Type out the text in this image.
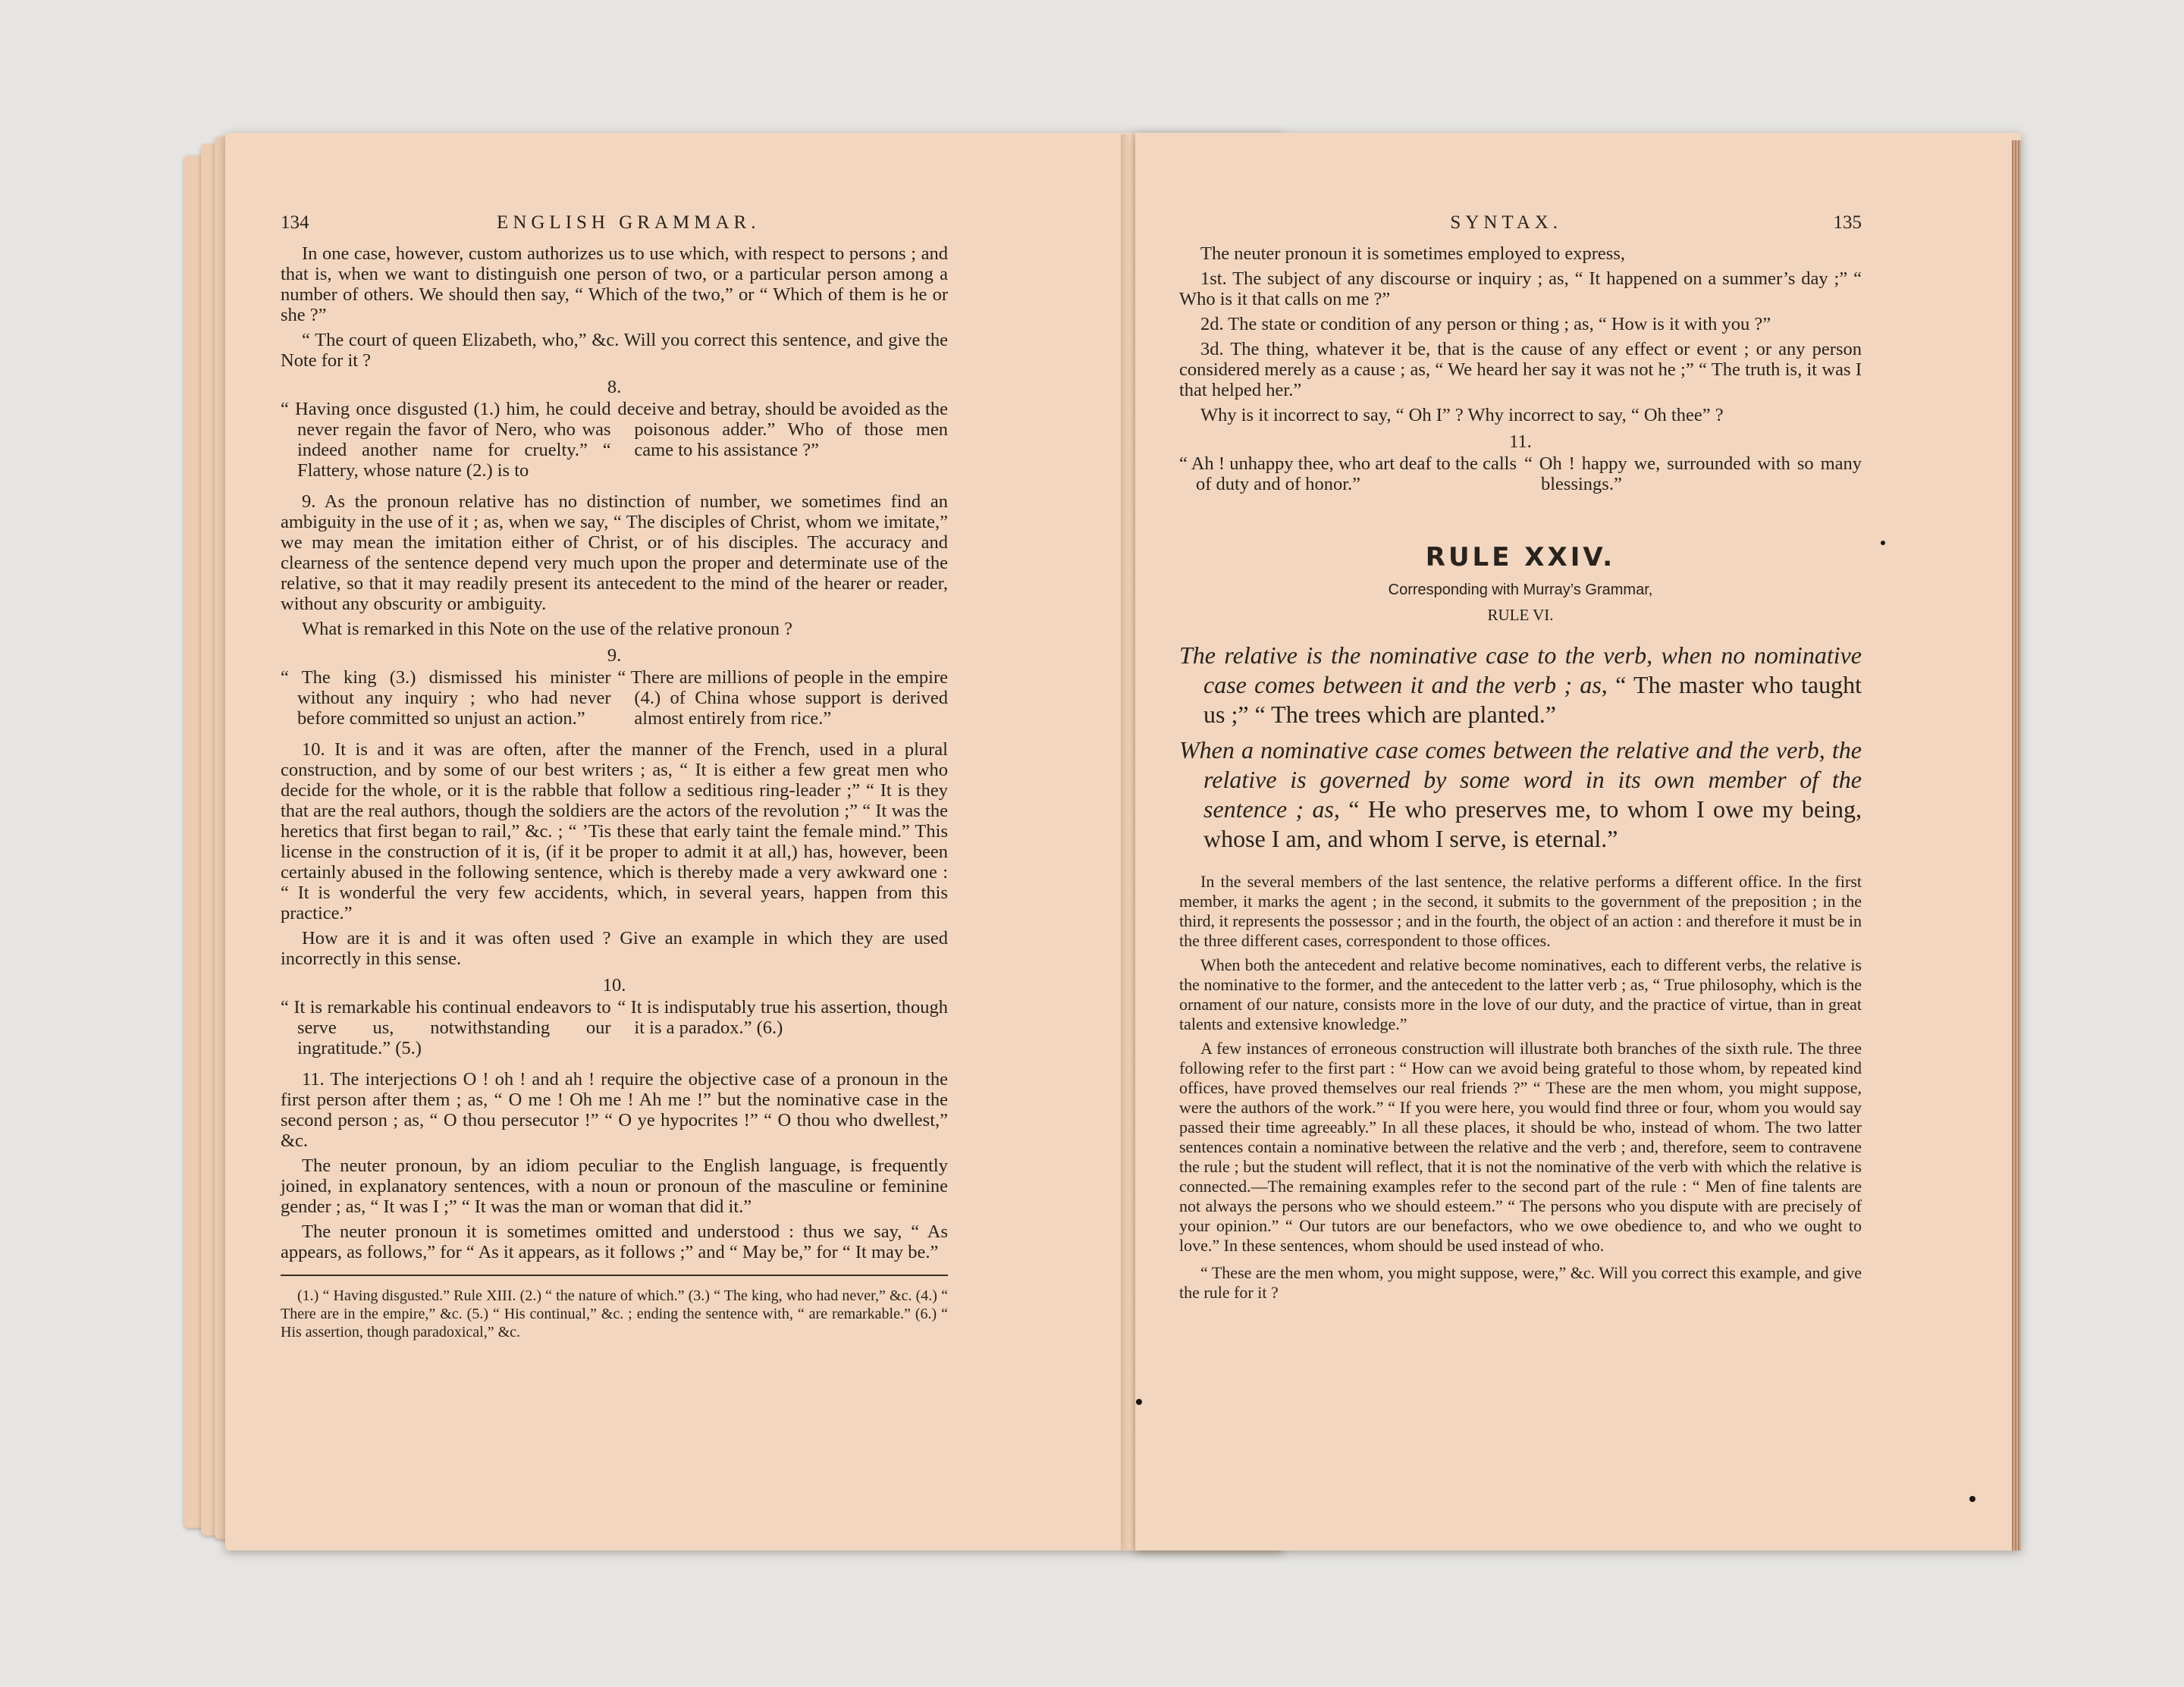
134	ENGLISH GRAMMAR.

In one case, however, custom authorizes us to use which, with respect to persons ; and that is, when we want to distinguish one person of two, or a particular person among a number of others. We should then say, “ Which of the two,” or “ Which of them is he or she ?”

“ The court of queen Elizabeth, who,” &c. Will you correct this sentence, and give the Note for it ?

8.
“ Having once disgusted (1.) him, he could never regain the favor of Nero, who was indeed another name for cruelty.” “ Flattery, whose nature (2.) is to
deceive and betray, should be avoided as the poisonous adder.” Who of those men came to his assistance ?”

9. As the pronoun relative has no distinction of number, we sometimes find an ambiguity in the use of it ; as, when we say, “ The disciples of Christ, whom we imitate,” we may mean the imitation either of Christ, or of his disciples. The accuracy and clearness of the sentence depend very much upon the proper and determinate use of the relative, so that it may readily present its antecedent to the mind of the hearer or reader, without any obscurity or ambiguity.

What is remarked in this Note on the use of the relative pronoun ?

9.
“ The king (3.) dismissed his minister without any inquiry ; who had never before committed so unjust an action.”
“ There are millions of people in the empire (4.) of China whose support is derived almost entirely from rice.”

10. It is and it was are often, after the manner of the French, used in a plural construction, and by some of our best writers ; as, “ It is either a few great men who decide for the whole, or it is the rabble that follow a seditious ring-leader ;” “ It is they that are the real authors, though the soldiers are the actors of the revolution ;” “ It was the heretics that first began to rail,” &c. ; “ ’Tis these that early taint the female mind.” This license in the construction of it is, (if it be proper to admit it at all,) has, however, been certainly abused in the following sentence, which is thereby made a very awkward one : “ It is wonderful the very few accidents, which, in several years, happen from this practice.”

How are it is and it was often used ? Give an example in which they are used incorrectly in this sense.

10.
“ It is remarkable his continual endeavors to serve us, notwithstanding our ingratitude.” (5.)
“ It is indisputably true his assertion, though it is a paradox.” (6.)

11. The interjections O ! oh ! and ah ! require the objective case of a pronoun in the first person after them ; as, “ O me ! Oh me ! Ah me !” but the nominative case in the second person ; as, “ O thou persecutor !” “ O ye hypocrites !” “ O thou who dwellest,” &c.

The neuter pronoun, by an idiom peculiar to the English language, is frequently joined, in explanatory sentences, with a noun or pronoun of the masculine or feminine gender ; as, “ It was I ;” “ It was the man or woman that did it.”

The neuter pronoun it is sometimes omitted and understood : thus we say, “ As appears, as follows,” for “ As it appears, as it follows ;” and “ May be,” for “ It may be.”

(1.) “ Having disgusted.” Rule XIII. (2.) “ the nature of which.” (3.) “ The king, who had never,” &c. (4.) “ There are in the empire,” &c. (5.) “ His continual,” &c. ; ending the sentence with, “ are remarkable.” (6.) “ His assertion, though paradoxical,” &c.
SYNTAX.	135

The neuter pronoun it is sometimes employed to express,

1st. The subject of any discourse or inquiry ; as, “ It happened on a summer’s day ;” “ Who is it that calls on me ?”

2d. The state or condition of any person or thing ; as, “ How is it with you ?”

3d. The thing, whatever it be, that is the cause of any effect or event ; or any person considered merely as a cause ; as, “ We heard her say it was not he ;” “ The truth is, it was I that helped her.”

Why is it incorrect to say, “ Oh I” ? Why incorrect to say, “ Oh thee” ?

11.
“ Ah ! unhappy thee, who art deaf to the calls of duty and of honor.”
“ Oh ! happy we, surrounded with so many blessings.”
RULE XXIV.
Corresponding with Murray’s Grammar,
RULE VI.

The relative is the nominative case to the verb, when no nominative case comes between it and the verb ; as, “ The master who taught us ;” “ The trees which are planted.”

When a nominative case comes between the relative and the verb, the relative is governed by some word in its own member of the sentence ; as, “ He who preserves me, to whom I owe my being, whose I am, and whom I serve, is eternal.”

In the several members of the last sentence, the relative performs a different office. In the first member, it marks the agent ; in the second, it submits to the government of the preposition ; in the third, it represents the possessor ; and in the fourth, the object of an action : and therefore it must be in the three different cases, correspondent to those offices.

When both the antecedent and relative become nominatives, each to different verbs, the relative is the nominative to the former, and the antecedent to the latter verb ; as, “ True philosophy, which is the ornament of our nature, consists more in the love of our duty, and the practice of virtue, than in great talents and extensive knowledge.”

A few instances of erroneous construction will illustrate both branches of the sixth rule. The three following refer to the first part : “ How can we avoid being grateful to those whom, by repeated kind offices, have proved themselves our real friends ?” “ These are the men whom, you might suppose, were the authors of the work.” “ If you were here, you would find three or four, whom you would say passed their time agreeably.” In all these places, it should be who, instead of whom. The two latter sentences contain a nominative between the relative and the verb ; and, therefore, seem to contravene the rule ; but the student will reflect, that it is not the nominative of the verb with which the relative is connected.—The remaining examples refer to the second part of the rule : “ Men of fine talents are not always the persons who we should esteem.” “ The persons who you dispute with are precisely of your opinion.” “ Our tutors are our benefactors, who we owe obedience to, and who we ought to love.” In these sentences, whom should be used instead of who.

“ These are the men whom, you might suppose, were,” &c. Will you correct this example, and give the rule for it ?
